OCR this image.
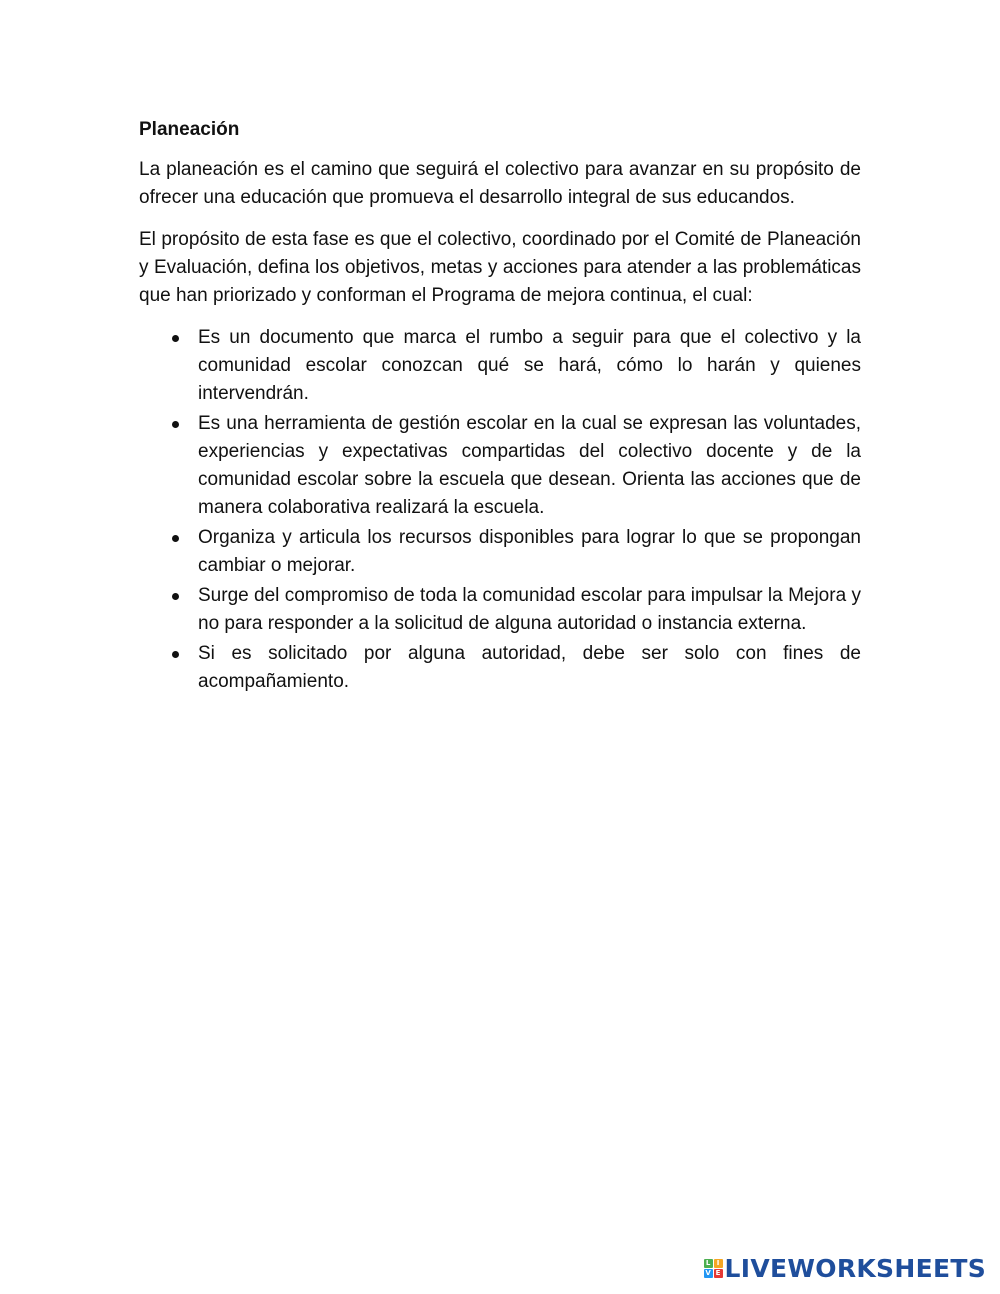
Planeación

La planeación es el camino que seguirá el colectivo para avanzar en su propósito de ofrecer una educación que promueva el desarrollo integral de sus educandos.

El propósito de esta fase es que el colectivo, coordinado por el Comité de Planeación y Evaluación, defina los objetivos, metas y acciones para atender a las problemáticas que han priorizado y conforman el Programa de mejora continua, el cual:

Es un documento que marca el rumbo a seguir para que el colectivo y la comunidad escolar conozcan qué se hará, cómo lo harán y quienes intervendrán.
Es una herramienta de gestión escolar en la cual se expresan las voluntades, experiencias y expectativas compartidas del colectivo docente y de la comunidad escolar sobre la escuela que desean. Orienta las acciones que de manera colaborativa realizará la escuela.
Organiza y articula los recursos disponibles para lograr lo que se propongan cambiar o mejorar.
Surge del compromiso de toda la comunidad escolar para impulsar la Mejora y no para responder a la solicitud de alguna autoridad o instancia externa.
Si es solicitado por alguna autoridad, debe ser solo con fines de acompañamiento.
L I
V E LIVEWORKSHEETS
